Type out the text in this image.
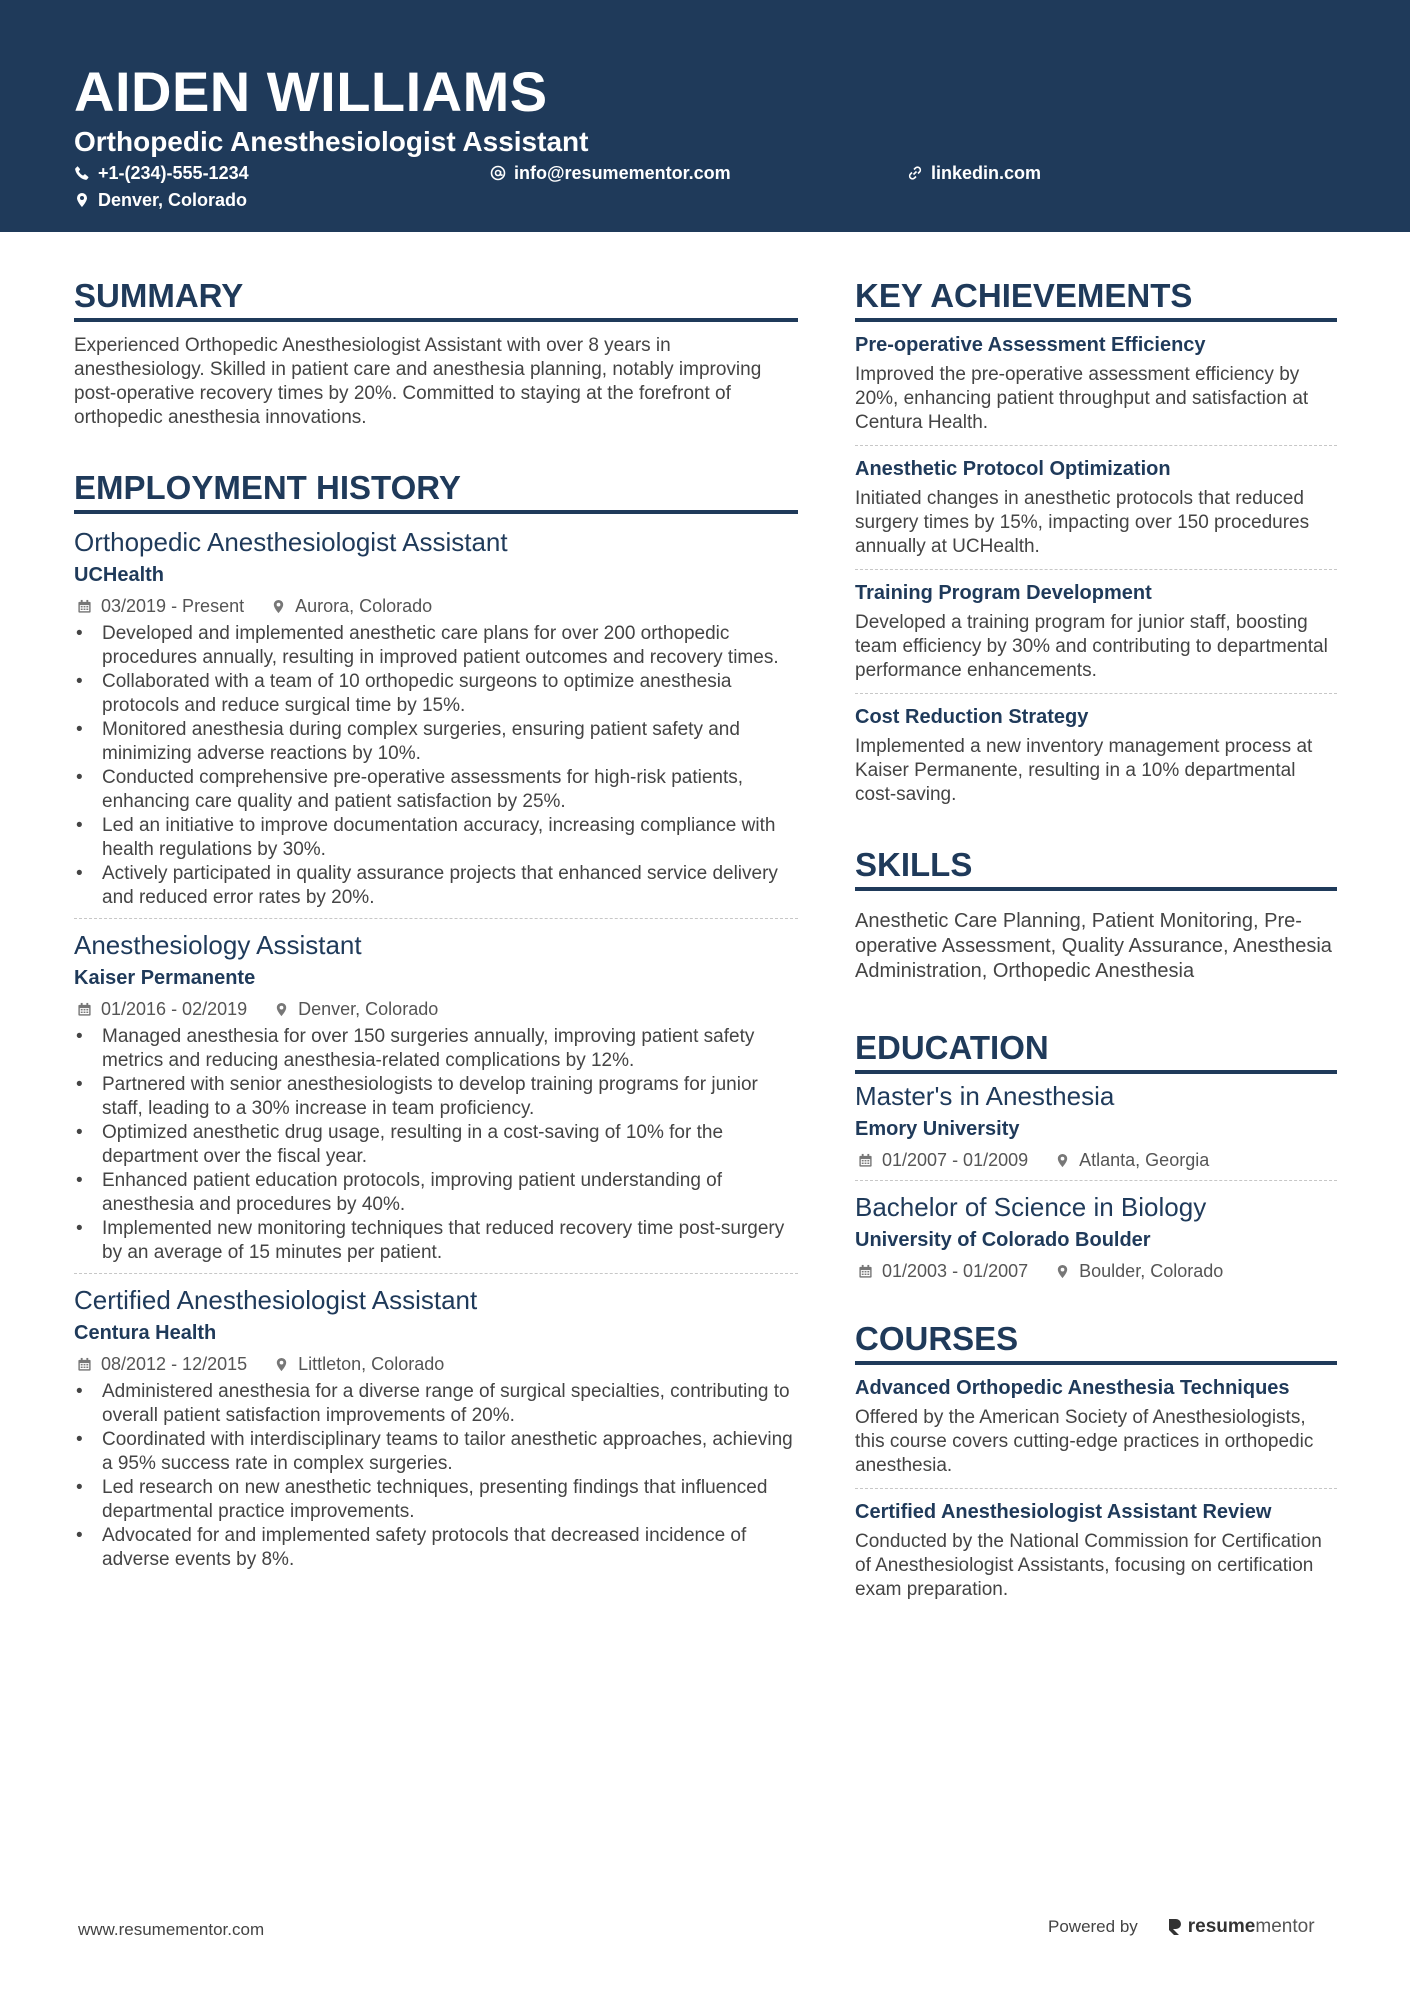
AIDEN WILLIAMS
Orthopedic Anesthesiologist Assistant
+1-(234)-555-1234	info@resumementor.com	linkedin.com
Denver, Colorado
SUMMARY
Experienced Orthopedic Anesthesiologist Assistant with over 8 years in anesthesiology. Skilled in patient care and anesthesia planning, notably improving post-operative recovery times by 20%. Committed to staying at the forefront of orthopedic anesthesia innovations.
EMPLOYMENT HISTORY
Orthopedic Anesthesiologist Assistant
UCHealth
03/2019 - Present	Aurora, Colorado
• Developed and implemented anesthetic care plans for over 200 orthopedic procedures annually, resulting in improved patient outcomes and recovery times.
• Collaborated with a team of 10 orthopedic surgeons to optimize anesthesia protocols and reduce surgical time by 15%.
• Monitored anesthesia during complex surgeries, ensuring patient safety and minimizing adverse reactions by 10%.
• Conducted comprehensive pre-operative assessments for high-risk patients, enhancing care quality and patient satisfaction by 25%.
• Led an initiative to improve documentation accuracy, increasing compliance with health regulations by 30%.
• Actively participated in quality assurance projects that enhanced service delivery and reduced error rates by 20%.
Anesthesiology Assistant
Kaiser Permanente
01/2016 - 02/2019	Denver, Colorado
• Managed anesthesia for over 150 surgeries annually, improving patient safety metrics and reducing anesthesia-related complications by 12%.
• Partnered with senior anesthesiologists to develop training programs for junior staff, leading to a 30% increase in team proficiency.
• Optimized anesthetic drug usage, resulting in a cost-saving of 10% for the department over the fiscal year.
• Enhanced patient education protocols, improving patient understanding of anesthesia and procedures by 40%.
• Implemented new monitoring techniques that reduced recovery time post-surgery by an average of 15 minutes per patient.
Certified Anesthesiologist Assistant
Centura Health
08/2012 - 12/2015	Littleton, Colorado
• Administered anesthesia for a diverse range of surgical specialties, contributing to overall patient satisfaction improvements of 20%.
• Coordinated with interdisciplinary teams to tailor anesthetic approaches, achieving a 95% success rate in complex surgeries.
• Led research on new anesthetic techniques, presenting findings that influenced departmental practice improvements.
• Advocated for and implemented safety protocols that decreased incidence of adverse events by 8%.
KEY ACHIEVEMENTS
Pre-operative Assessment Efficiency
Improved the pre-operative assessment efficiency by 20%, enhancing patient throughput and satisfaction at Centura Health.
Anesthetic Protocol Optimization
Initiated changes in anesthetic protocols that reduced surgery times by 15%, impacting over 150 procedures annually at UCHealth.
Training Program Development
Developed a training program for junior staff, boosting team efficiency by 30% and contributing to departmental performance enhancements.
Cost Reduction Strategy
Implemented a new inventory management process at Kaiser Permanente, resulting in a 10% departmental cost-saving.
SKILLS
Anesthetic Care Planning, Patient Monitoring, Pre-operative Assessment, Quality Assurance, Anesthesia Administration, Orthopedic Anesthesia
EDUCATION
Master's in Anesthesia
Emory University
01/2007 - 01/2009	Atlanta, Georgia
Bachelor of Science in Biology
University of Colorado Boulder
01/2003 - 01/2007	Boulder, Colorado
COURSES
Advanced Orthopedic Anesthesia Techniques
Offered by the American Society of Anesthesiologists, this course covers cutting-edge practices in orthopedic anesthesia.
Certified Anesthesiologist Assistant Review
Conducted by the National Commission for Certification of Anesthesiologist Assistants, focusing on certification exam preparation.
www.resumementor.com	Powered by	resume mentor
